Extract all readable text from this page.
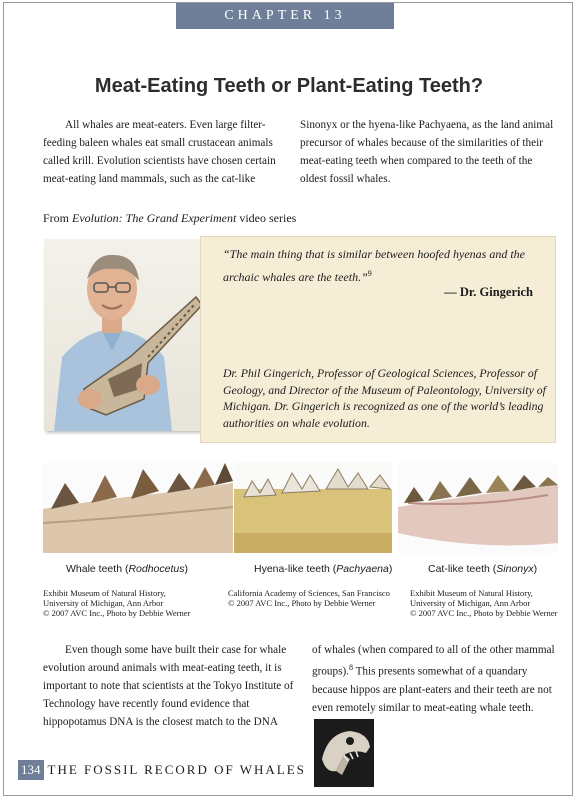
CHAPTER 13
Meat-Eating Teeth or Plant-Eating Teeth?

All whales are meat-eaters. Even large filter-feeding baleen whales eat small crustacean animals called krill. Evolution scientists have chosen certain meat-eating land mammals, such as the cat-like

Sinonyx or the hyena-like Pachyaena, as the land animal precursor of whales because of the similarities of their meat-eating teeth when compared to the teeth of the oldest fossil whales.

From Evolution: The Grand Experiment video series

“The main thing that is similar between hoofed hyenas and the archaic whales are the teeth.”$^9$

— Dr. Gingerich

Dr. Phil Gingerich, Professor of Geological Sciences, Professor of Geology, and Director of the Museum of Paleontology, University of Michigan. Dr. Gingerich is recognized as one of the world’s leading authorities on whale evolution.

Whale teeth (Rodhocetus)	Hyena-like teeth (Pachyaena)	Cat-like teeth (Sinonyx)

Exhibit Museum of Natural History,
University of Michigan, Ann Arbor
© 2007 AVC Inc., Photo by Debbie Werner

California Academy of Sciences, San Francisco
© 2007 AVC Inc., Photo by Debbie Werner

Exhibit Museum of Natural History,
University of Michigan, Ann Arbor
© 2007 AVC Inc., Photo by Debbie Werner

Even though some have built their case for whale evolution around animals with meat-eating teeth, it is important to note that scientists at the Tokyo Institute of Technology have recently found evidence that hippopotamus DNA is the closest match to the DNA

of whales (when compared to all of the other mammal groups).$^8$ This presents somewhat of a quandary because hippos are plant-eaters and their teeth are not even remotely similar to meat-eating whale teeth.

134 THE FOSSIL RECORD OF WHALES
